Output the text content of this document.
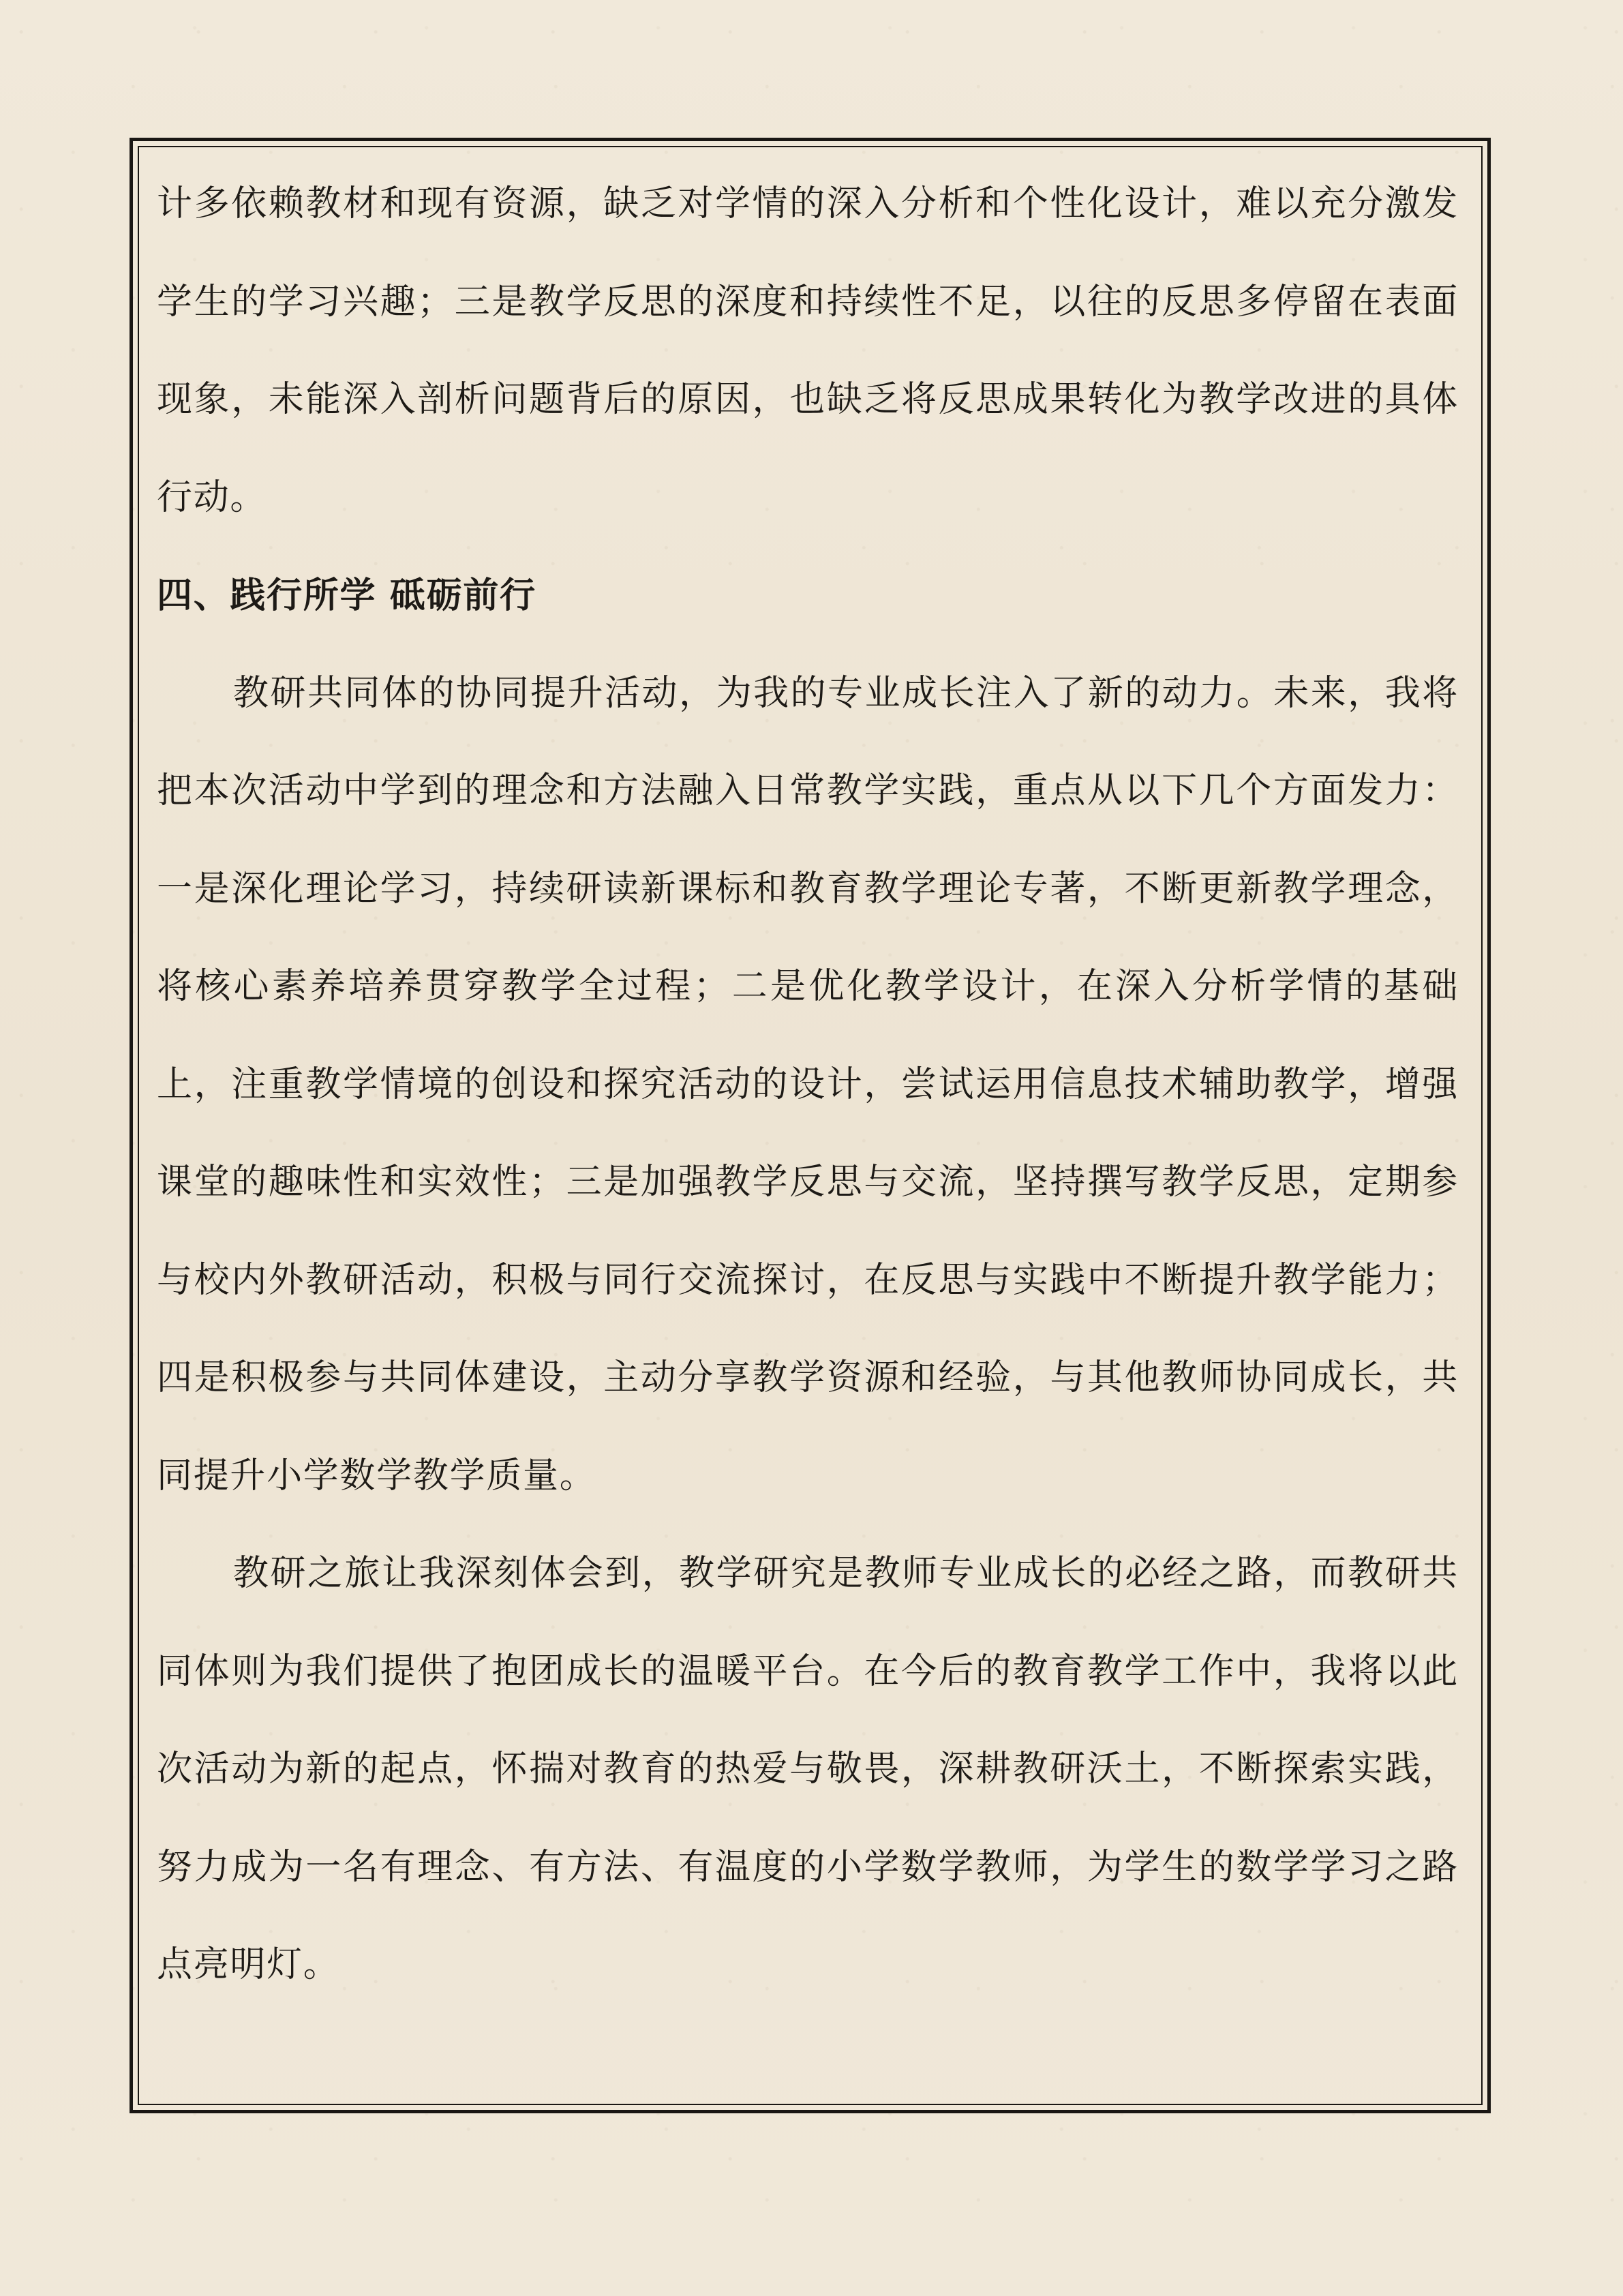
计多依赖教材和现有资源，缺乏对学情的深入分析和个性化设计，难以充分激发学生的学习兴趣；三是教学反思的深度和持续性不足，以往的反思多停留在表面现象，未能深入剖析问题背后的原因，也缺乏将反思成果转化为教学改进的具体行动。

四、践行所学 砥砺前行

教研共同体的协同提升活动，为我的专业成长注入了新的动力。未来，我将把本次活动中学到的理念和方法融入日常教学实践，重点从以下几个方面发力：一是深化理论学习，持续研读新课标和教育教学理论专著，不断更新教学理念，将核心素养培养贯穿教学全过程；二是优化教学设计，在深入分析学情的基础上，注重教学情境的创设和探究活动的设计，尝试运用信息技术辅助教学，增强课堂的趣味性和实效性；三是加强教学反思与交流，坚持撰写教学反思，定期参与校内外教研活动，积极与同行交流探讨，在反思与实践中不断提升教学能力；四是积极参与共同体建设，主动分享教学资源和经验，与其他教师协同成长，共同提升小学数学教学质量。

教研之旅让我深刻体会到，教学研究是教师专业成长的必经之路，而教研共同体则为我们提供了抱团成长的温暖平台。在今后的教育教学工作中，我将以此次活动为新的起点，怀揣对教育的热爱与敬畏，深耕教研沃土，不断探索实践，努力成为一名有理念、有方法、有温度的小学数学教师，为学生的数学学习之路点亮明灯。
